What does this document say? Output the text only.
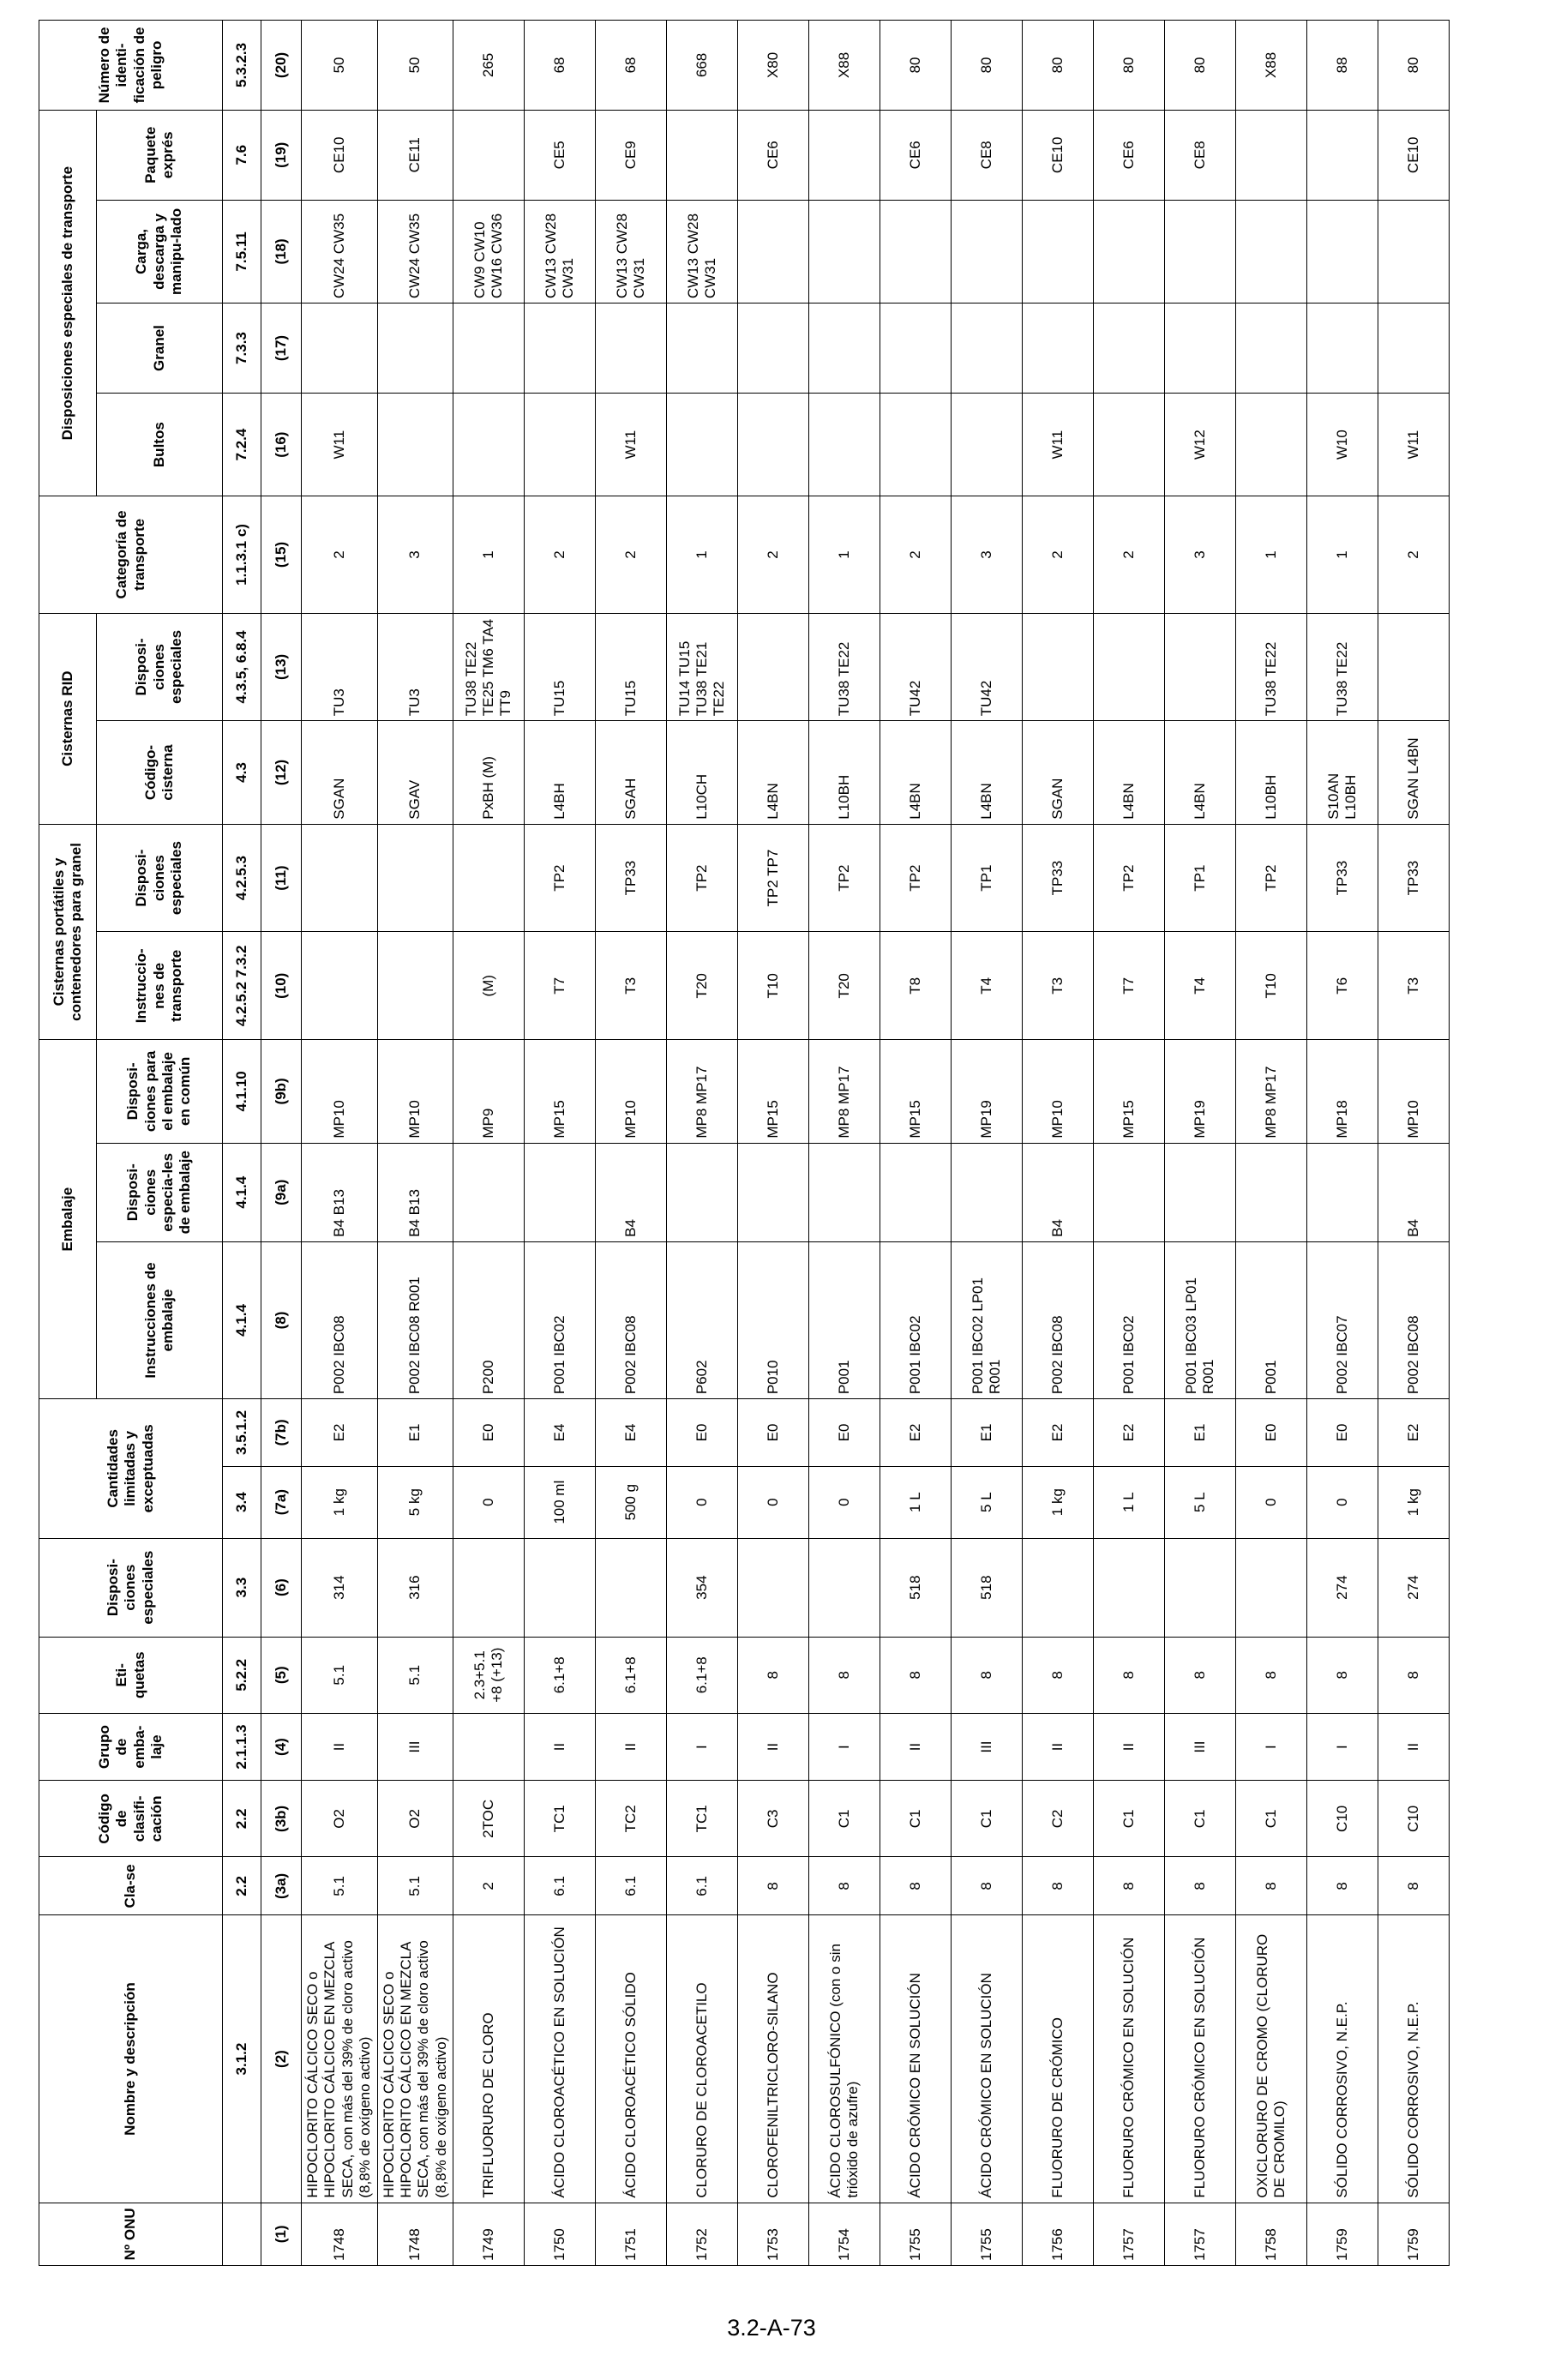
Nº ONU	Nombre y descripción	Cla-se	Código de clasifi-cación	Grupo de emba-laje	Eti-quetas	Disposi-ciones especiales	Cantidades limitadas y exceptuadas		Embalaje			Cisternas portátiles y contenedores para granel		Cisternas RID		Categoría de transporte	Disposiciones especiales de transporte				Número de identi-ficación de peligro
									Instrucciones de embalaje	Disposi-ciones especia-les de embalaje	Disposi-ciones para el embalaje en común	Instruccio-nes de transporte	Disposi-ciones especiales	Código-cisterna	Disposi-ciones especiales		Bultos	Granel	Carga, descarga y manipu-lado	Paquete exprés	
	3.1.2	2.2	2.2	2.1.1.3	5.2.2	3.3	3.4	3.5.1.2	4.1.4	4.1.4	4.1.10	4.2.5.2 7.3.2	4.2.5.3	4.3	4.3.5, 6.8.4	1.1.3.1 c)	7.2.4	7.3.3	7.5.11	7.6	5.3.2.3
(1)	(2)	(3a)	(3b)	(4)	(5)	(6)	(7a)	(7b)	(8)	(9a)	(9b)	(10)	(11)	(12)	(13)	(15)	(16)	(17)	(18)	(19)	(20)
1748	HIPOCLORITO CÁLCICO SECO o HIPOCLORITO CÁLCICO EN MEZCLA SECA, con más del 39% de cloro activo (8,8% de oxígeno activo)	5.1	O2	II	5.1	314	1 kg	E2	P002 IBC08	B4 B13	MP10			SGAN	TU3	2	W11		CW24 CW35	CE10	50
1748	HIPOCLORITO CÁLCICO SECO o HIPOCLORITO CÁLCICO EN MEZCLA SECA, con más del 39% de cloro activo (8,8% de oxígeno activo)	5.1	O2	III	5.1	316	5 kg	E1	P002 IBC08 R001	B4 B13	MP10			SGAV	TU3	3			CW24 CW35	CE11	50
1749	TRIFLUORURO DE CLORO	2	2TOC		2.3+5.1 +8 (+13)		0	E0	P200		MP9	(M)		PxBH (M)	TU38 TE22 TE25 TM6 TA4 TT9	1			CW9 CW10 CW16 CW36		265
1750	ÁCIDO CLOROACÉTICO EN SOLUCIÓN	6.1	TC1	II	6.1+8		100 ml	E4	P001 IBC02		MP15	T7	TP2	L4BH	TU15	2			CW13 CW28 CW31	CE5	68
1751	ÁCIDO CLOROACÉTICO SÓLIDO	6.1	TC2	II	6.1+8		500 g	E4	P002 IBC08	B4	MP10	T3	TP33	SGAH	TU15	2	W11		CW13 CW28 CW31	CE9	68
1752	CLORURO DE CLOROACETILO	6.1	TC1	I	6.1+8	354	0	E0	P602		MP8 MP17	T20	TP2	L10CH	TU14 TU15 TU38 TE21 TE22	1			CW13 CW28 CW31		668
1753	CLOROFENILTRICLORO-SILANO	8	C3	II	8		0	E0	P010		MP15	T10	TP2 TP7	L4BN		2				CE6	X80
1754	ÁCIDO CLOROSULFÓNICO (con o sin trióxido de azufre)	8	C1	I	8		0	E0	P001		MP8 MP17	T20	TP2	L10BH	TU38 TE22	1					X88
1755	ÁCIDO CRÓMICO EN SOLUCIÓN	8	C1	II	8	518	1 L	E2	P001 IBC02		MP15	T8	TP2	L4BN	TU42	2				CE6	80
1755	ÁCIDO CRÓMICO EN SOLUCIÓN	8	C1	III	8	518	5 L	E1	P001 IBC02 LP01 R001		MP19	T4	TP1	L4BN	TU42	3				CE8	80
1756	FLUORURO DE CRÓMICO	8	C2	II	8		1 kg	E2	P002 IBC08	B4	MP10	T3	TP33	SGAN		2	W11			CE10	80
1757	FLUORURO CRÓMICO EN SOLUCIÓN	8	C1	II	8		1 L	E2	P001 IBC02		MP15	T7	TP2	L4BN		2				CE6	80
1757	FLUORURO CRÓMICO EN SOLUCIÓN	8	C1	III	8		5 L	E1	P001 IBC03 LP01 R001		MP19	T4	TP1	L4BN		3	W12			CE8	80
1758	OXICLORURO DE CROMO (CLORURO DE CROMILO)	8	C1	I	8		0	E0	P001		MP8 MP17	T10	TP2	L10BH	TU38 TE22	1					X88
1759	SÓLIDO CORROSIVO, N.E.P.	8	C10	I	8	274	0	E0	P002 IBC07		MP18	T6	TP33	S10AN L10BH	TU38 TE22	1	W10				88
1759	SÓLIDO CORROSIVO, N.E.P.	8	C10	II	8	274	1 kg	E2	P002 IBC08	B4	MP10	T3	TP33	SGAN L4BN		2	W11			CE10	80
3.2-A-73
